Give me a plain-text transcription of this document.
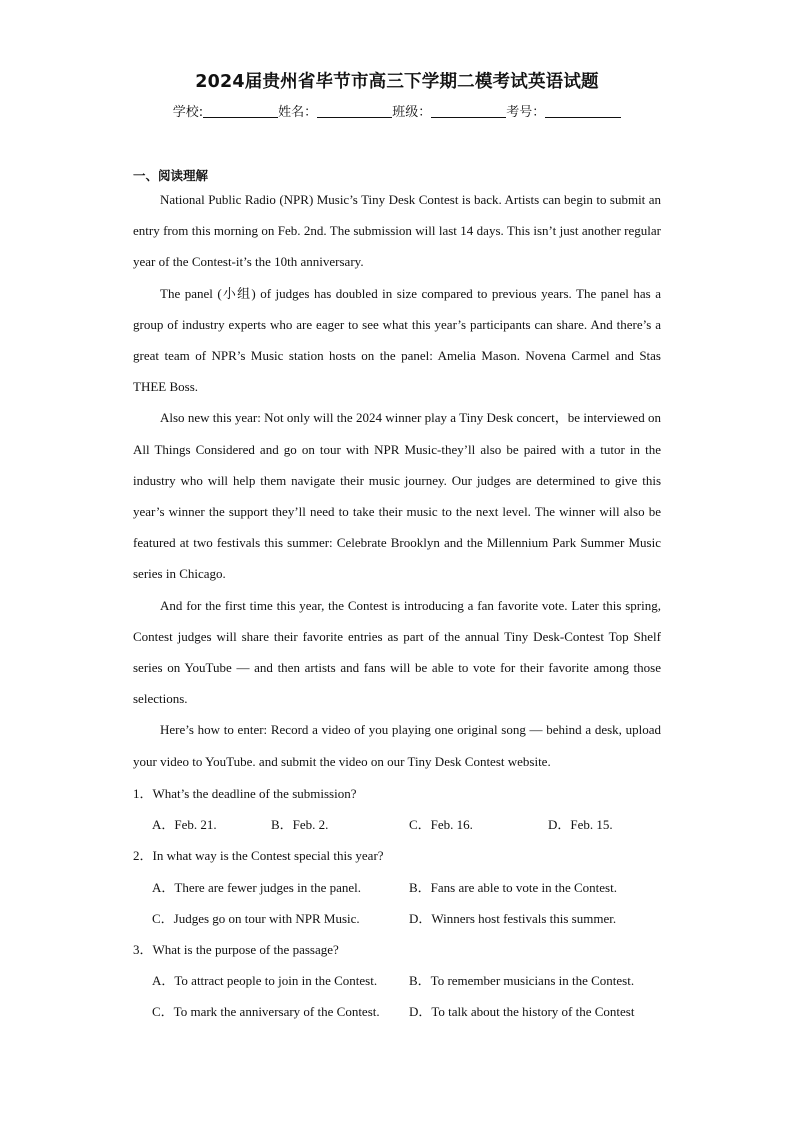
2024届贵州省毕节市高三下学期二模考试英语试题
学校:	姓名：	班级：	考号：
一、阅读理解

National Public Radio (NPR) Music’s Tiny Desk Contest is back. Artists can begin to submit an entry from this morning on Feb. 2nd. The submission will last 14 days. This isn’t just another regular year of the Contest-it’s the 10th anniversary.

The panel (小组) of judges has doubled in size compared to previous years. The panel has a group of industry experts who are eager to see what this year’s participants can share. And there’s a great team of NPR’s Music station hosts on the panel: Amelia Mason. Novena Carmel and Stas THEE Boss.

Also new this year: Not only will the 2024 winner play a Tiny Desk concert，be interviewed on All Things Considered and go on tour with NPR Music-they’ll also be paired with a tutor in the industry who will help them navigate their music journey. Our judges are determined to give this year’s winner the support they’ll need to take their music to the next level. The winner will also be featured at two festivals this summer: Celebrate Brooklyn and the Millennium Park Summer Music series in Chicago.

And for the first time this year, the Contest is introducing a fan favorite vote. Later this spring, Contest judges will share their favorite entries as part of the annual Tiny Desk-Contest Top Shelf series on YouTube — and then artists and fans will be able to vote for their favorite among those selections.

Here’s how to enter: Record a video of you playing one original song — behind a desk, upload your video to YouTube. and submit the video on our Tiny Desk Contest website.

1．What’s the deadline of the submission?
A．Feb. 21.	B．Feb. 2.	C．Feb. 16.	D．Feb. 15.
2．In what way is the Contest special this year?
A．There are fewer judges in the panel.	B．Fans are able to vote in the Contest.
C．Judges go on tour with NPR Music.	D．Winners host festivals this summer.
3．What is the purpose of the passage?
A．To attract people to join in the Contest. B．To remember musicians in the Contest.
C．To mark the anniversary of the Contest. D．To talk about the history of the Contest
